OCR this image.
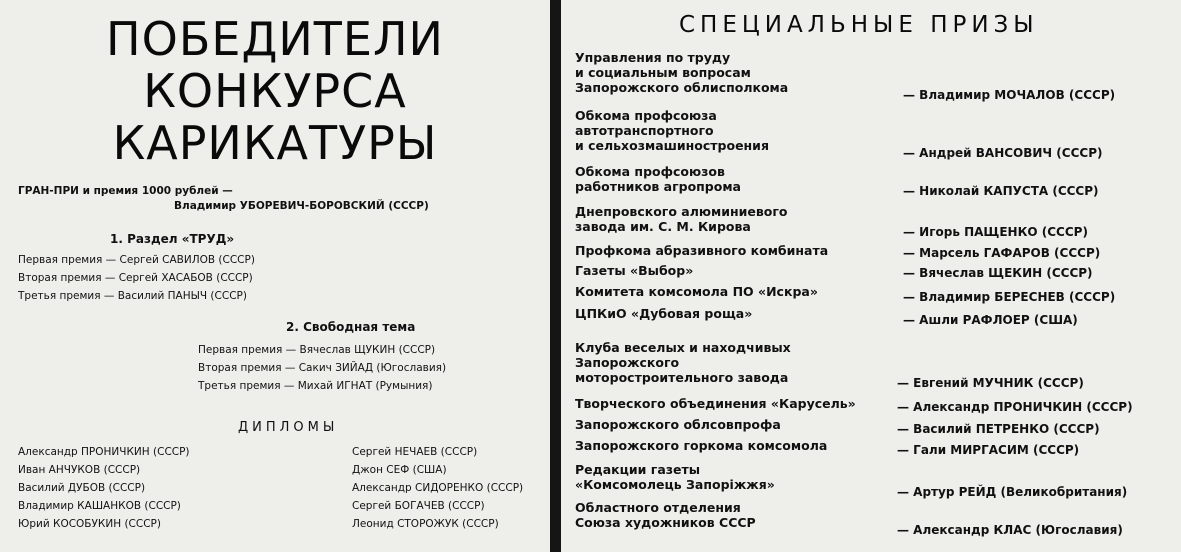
ПОБЕДИТЕЛИ
КОНКУРСА
КАРИКАТУРЫ
ГРАН-ПРИ и премия 1000 рублей —
Владимир УБОРЕВИЧ-БОРОВСКИЙ (СССР)
1. Раздел «ТРУД»
Первая премия — Сергей САВИЛОВ (СССР)
Вторая премия — Сергей ХАСАБОВ (СССР)
Третья премия — Василий ПАНЫЧ (СССР)
2. Свободная тема
Первая премия — Вячеслав ЩУКИН (СССР)
Вторая премия — Сакич ЗИЙАД (Югославия)
Третья премия — Михай ИГНАТ (Румыния)
ДИПЛОМЫ
Александр ПРОНИЧКИН (СССР)
Иван АНЧУКОВ (СССР)
Василий ДУБОВ (СССР)
Владимир КАШАНКОВ (СССР)
Юрий КОСОБУКИН (СССР)
Сергей НЕЧАЕВ (СССР)
Джон СЕФ (США)
Александр СИДОРЕНКО (СССР)
Сергей БОГАЧЕВ (СССР)
Леонид СТОРОЖУК (СССР)
СПЕЦИАЛЬНЫЕ ПРИЗЫ
Управления по труду
и социальным вопросам
Запорожского облисполкома	— Владимир МОЧАЛОВ (СССР)
Обкома профсоюза
автотранспортного
и сельхозмашиностроения	— Андрей ВАНСОВИЧ (СССР)
Обкома профсоюзов
работников агропрома	— Николай КАПУСТА (СССР)
Днепровского алюминиевого
завода им. С. М. Кирова	— Игорь ПАЩЕНКО (СССР)
Профкома абразивного комбината	— Марсель ГАФАРОВ (СССР)
Газеты «Выбор»	— Вячеслав ЩЕКИН (СССР)
Комитета комсомола ПО «Искра»	— Владимир БЕРЕСНЕВ (СССР)
ЦПКиО «Дубовая роща»	— Ашли РАФЛОЕР (США)
Клуба веселых и находчивых
Запорожского
моторостроительного завода	— Евгений МУЧНИК (СССР)
Творческого объединения «Карусель»	— Александр ПРОНИЧКИН (СССР)
Запорожского облсовпрофа	— Василий ПЕТРЕНКО (СССР)
Запорожского горкома комсомола	— Гали МИРГАСИМ (СССР)
Редакции газеты
«Комсомолець Запоріжжя»	— Артур РЕЙД (Великобритания)
Областного отделения
Союза художников СССР	— Александр КЛАС (Югославия)
